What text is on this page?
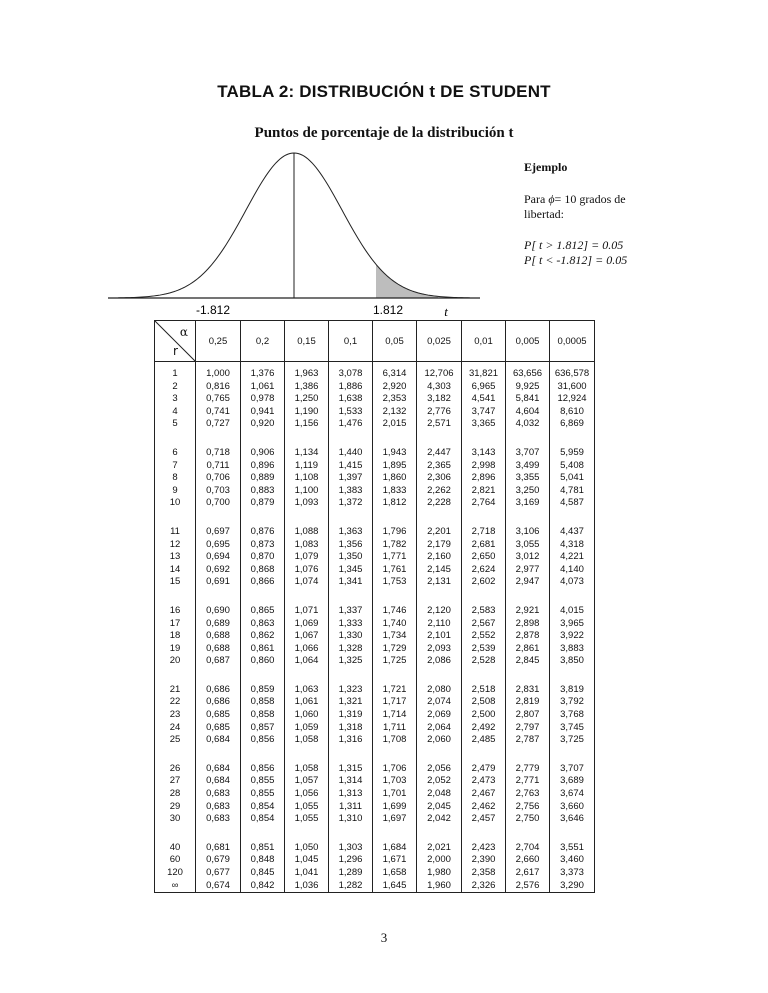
TABLA 2: DISTRIBUCIÓN t DE STUDENT
Puntos de porcentaje de la distribución t
-1.812	1.812	t
Ejemplo
Para ϕ= 10 grados de libertad:
P[ t > 1.812] = 0.05
P[ t < -1.812] = 0.05
α
r	0,25	0,2	0,15	0,1	0,05	0,025	0,01	0,005	0,0005
1	1,000	1,376	1,963	3,078	6,314	12,706	31,821	63,656	636,578
2	0,816	1,061	1,386	1,886	2,920	4,303	6,965	9,925	31,600
3	0,765	0,978	1,250	1,638	2,353	3,182	4,541	5,841	12,924
4	0,741	0,941	1,190	1,533	2,132	2,776	3,747	4,604	8,610
5	0,727	0,920	1,156	1,476	2,015	2,571	3,365	4,032	6,869
6	0,718	0,906	1,134	1,440	1,943	2,447	3,143	3,707	5,959
7	0,711	0,896	1,119	1,415	1,895	2,365	2,998	3,499	5,408
8	0,706	0,889	1,108	1,397	1,860	2,306	2,896	3,355	5,041
9	0,703	0,883	1,100	1,383	1,833	2,262	2,821	3,250	4,781
10	0,700	0,879	1,093	1,372	1,812	2,228	2,764	3,169	4,587
11	0,697	0,876	1,088	1,363	1,796	2,201	2,718	3,106	4,437
12	0,695	0,873	1,083	1,356	1,782	2,179	2,681	3,055	4,318
13	0,694	0,870	1,079	1,350	1,771	2,160	2,650	3,012	4,221
14	0,692	0,868	1,076	1,345	1,761	2,145	2,624	2,977	4,140
15	0,691	0,866	1,074	1,341	1,753	2,131	2,602	2,947	4,073
16	0,690	0,865	1,071	1,337	1,746	2,120	2,583	2,921	4,015
17	0,689	0,863	1,069	1,333	1,740	2,110	2,567	2,898	3,965
18	0,688	0,862	1,067	1,330	1,734	2,101	2,552	2,878	3,922
19	0,688	0,861	1,066	1,328	1,729	2,093	2,539	2,861	3,883
20	0,687	0,860	1,064	1,325	1,725	2,086	2,528	2,845	3,850
21	0,686	0,859	1,063	1,323	1,721	2,080	2,518	2,831	3,819
22	0,686	0,858	1,061	1,321	1,717	2,074	2,508	2,819	3,792
23	0,685	0,858	1,060	1,319	1,714	2,069	2,500	2,807	3,768
24	0,685	0,857	1,059	1,318	1,711	2,064	2,492	2,797	3,745
25	0,684	0,856	1,058	1,316	1,708	2,060	2,485	2,787	3,725
26	0,684	0,856	1,058	1,315	1,706	2,056	2,479	2,779	3,707
27	0,684	0,855	1,057	1,314	1,703	2,052	2,473	2,771	3,689
28	0,683	0,855	1,056	1,313	1,701	2,048	2,467	2,763	3,674
29	0,683	0,854	1,055	1,311	1,699	2,045	2,462	2,756	3,660
30	0,683	0,854	1,055	1,310	1,697	2,042	2,457	2,750	3,646
40	0,681	0,851	1,050	1,303	1,684	2,021	2,423	2,704	3,551
60	0,679	0,848	1,045	1,296	1,671	2,000	2,390	2,660	3,460
120	0,677	0,845	1,041	1,289	1,658	1,980	2,358	2,617	3,373
∞	0,674	0,842	1,036	1,282	1,645	1,960	2,326	2,576	3,290
3
